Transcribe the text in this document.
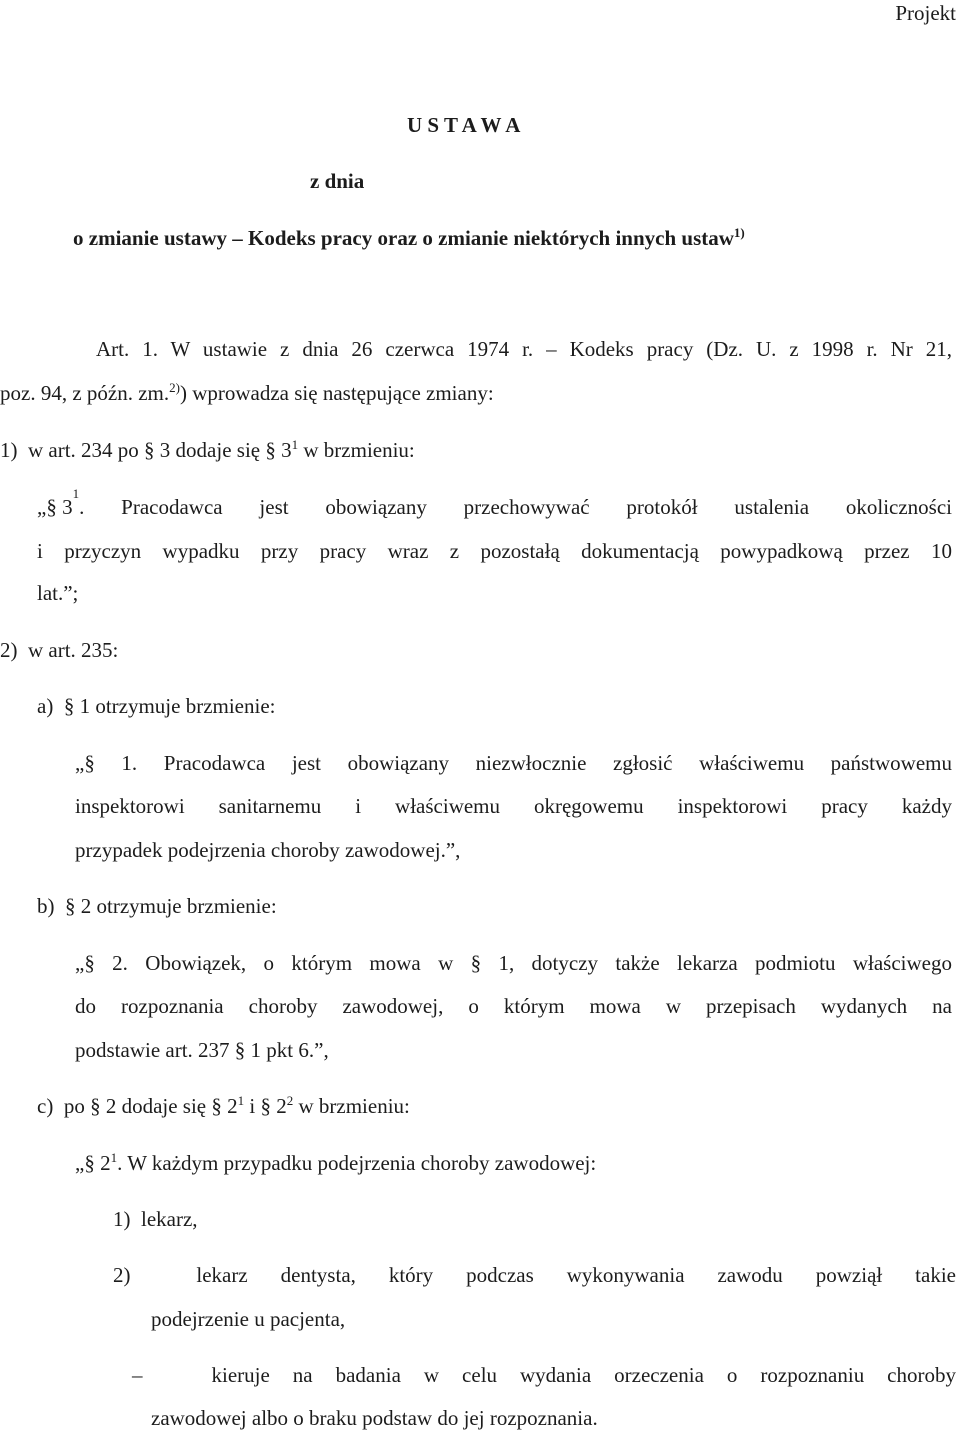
Projekt
U S T A W A
z dnia
o zmianie ustawy – Kodeks pracy oraz o zmianie niektórych innych ustaw$^{1)}$
Art. 1. W ustawie z dnia 26 czerwca 1974 r. – Kodeks pracy (Dz. U. z 1998 r. Nr 21,
poz. 94, z późn. zm.$^{2)}$) wprowadza się następujące zmiany:
1)  w art. 234 po § 3 dodaje się § $3^1$ w brzmieniu:
„§ 3
1
. Pracodawca jest obowiązany przechowywać protokół ustalenia okoliczności
i przyczyn wypadku przy pracy wraz z pozostałą dokumentacją powypadkową przez 10
lat.”;
2)  w art. 235:
a)  § 1 otrzymuje brzmienie:
„§ 1. Pracodawca jest obowiązany niezwłocznie zgłosić właściwemu państwowemu
inspektorowi sanitarnemu i właściwemu okręgowemu inspektorowi pracy każdy
przypadek podejrzenia choroby zawodowej.”,
b)  § 2 otrzymuje brzmienie:
„§ 2. Obowiązek, o którym mowa w § 1, dotyczy także lekarza podmiotu właściwego
do rozpoznania choroby zawodowej, o którym mowa w przepisach wydanych na
podstawie art. 237 § 1 pkt 6.”,
c)  po § 2 dodaje się § $2^1$ i § $2^2$ w brzmieniu:
„§ $2^1$. W każdym przypadku podejrzenia choroby zawodowej:
1)  lekarz,
2)  lekarz dentysta, który podczas wykonywania zawodu powziął takie
podejrzenie u pacjenta,
–   kieruje na badania w celu wydania orzeczenia o rozpoznaniu choroby
zawodowej albo o braku podstaw do jej rozpoznania.
